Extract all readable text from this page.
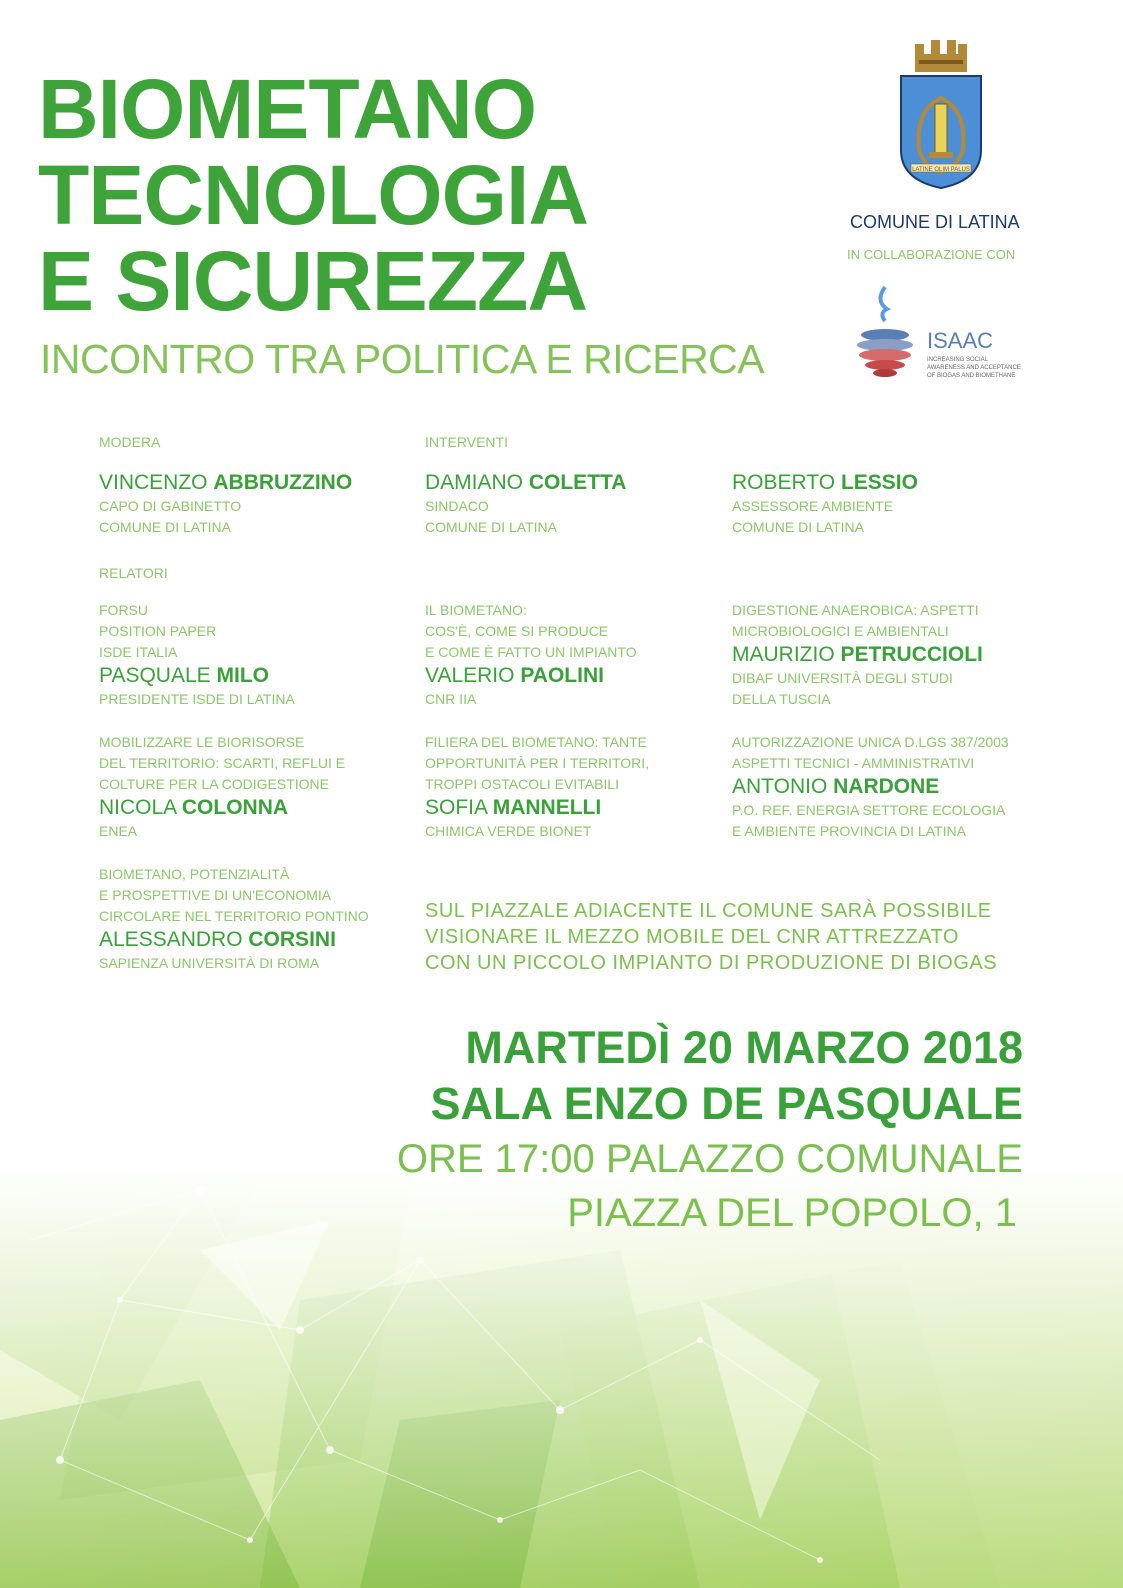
BIOMETANO
TECNOLOGIA
E SICUREZZA
INCONTRO TRA POLITICA E RICERCA
LATINE OLIM PALUS
COMUNE DI LATINA
IN COLLABORAZIONE CON
ISAAC
INCREASING SOCIAL
AWARENESS AND ACCEPTANCE
OF BIOGAS AND BIOMETHANE
MODERA	INTERVENTI
VINCENZO ABBRUZZINO
CAPO DI GABINETTO
COMUNE DI LATINA
DAMIANO COLETTA
SINDACO
COMUNE DI LATINA
ROBERTO LESSIO
ASSESSORE AMBIENTE
COMUNE DI LATINA
RELATORI
FORSU
POSITION PAPER
ISDE ITALIA
PASQUALE MILO
PRESIDENTE ISDE DI LATINA
IL BIOMETANO:
COS'È, COME SI PRODUCE
E COME È FATTO UN IMPIANTO
VALERIO PAOLINI
CNR IIA
DIGESTIONE ANAEROBICA: ASPETTI
MICROBIOLOGICI E AMBIENTALI
MAURIZIO PETRUCCIOLI
DIBAF UNIVERSITÀ DEGLI STUDI
DELLA TUSCIA
MOBILIZZARE LE BIORISORSE
DEL TERRITORIO: SCARTI, REFLUI E
COLTURE PER LA CODIGESTIONE
NICOLA COLONNA
ENEA
FILIERA DEL BIOMETANO: TANTE
OPPORTUNITÀ PER I TERRITORI,
TROPPI OSTACOLI EVITABILI
SOFIA MANNELLI
CHIMICA VERDE BIONET
AUTORIZZAZIONE UNICA D.LGS 387/2003
ASPETTI TECNICI - AMMINISTRATIVI
ANTONIO NARDONE
P.O. REF. ENERGIA SETTORE ECOLOGIA
E AMBIENTE PROVINCIA DI LATINA
BIOMETANO, POTENZIALITÀ
E PROSPETTIVE DI UN'ECONOMIA
CIRCOLARE NEL TERRITORIO PONTINO
ALESSANDRO CORSINI
SAPIENZA UNIVERSITÀ DI ROMA
SUL PIAZZALE ADIACENTE IL COMUNE SARÀ POSSIBILE
VISIONARE IL MEZZO MOBILE DEL CNR ATTREZZATO
CON UN PICCOLO IMPIANTO DI PRODUZIONE DI BIOGAS
MARTEDÌ 20 MARZO 2018
SALA ENZO DE PASQUALE
ORE 17:00 PALAZZO COMUNALE
PIAZZA DEL POPOLO, 1
